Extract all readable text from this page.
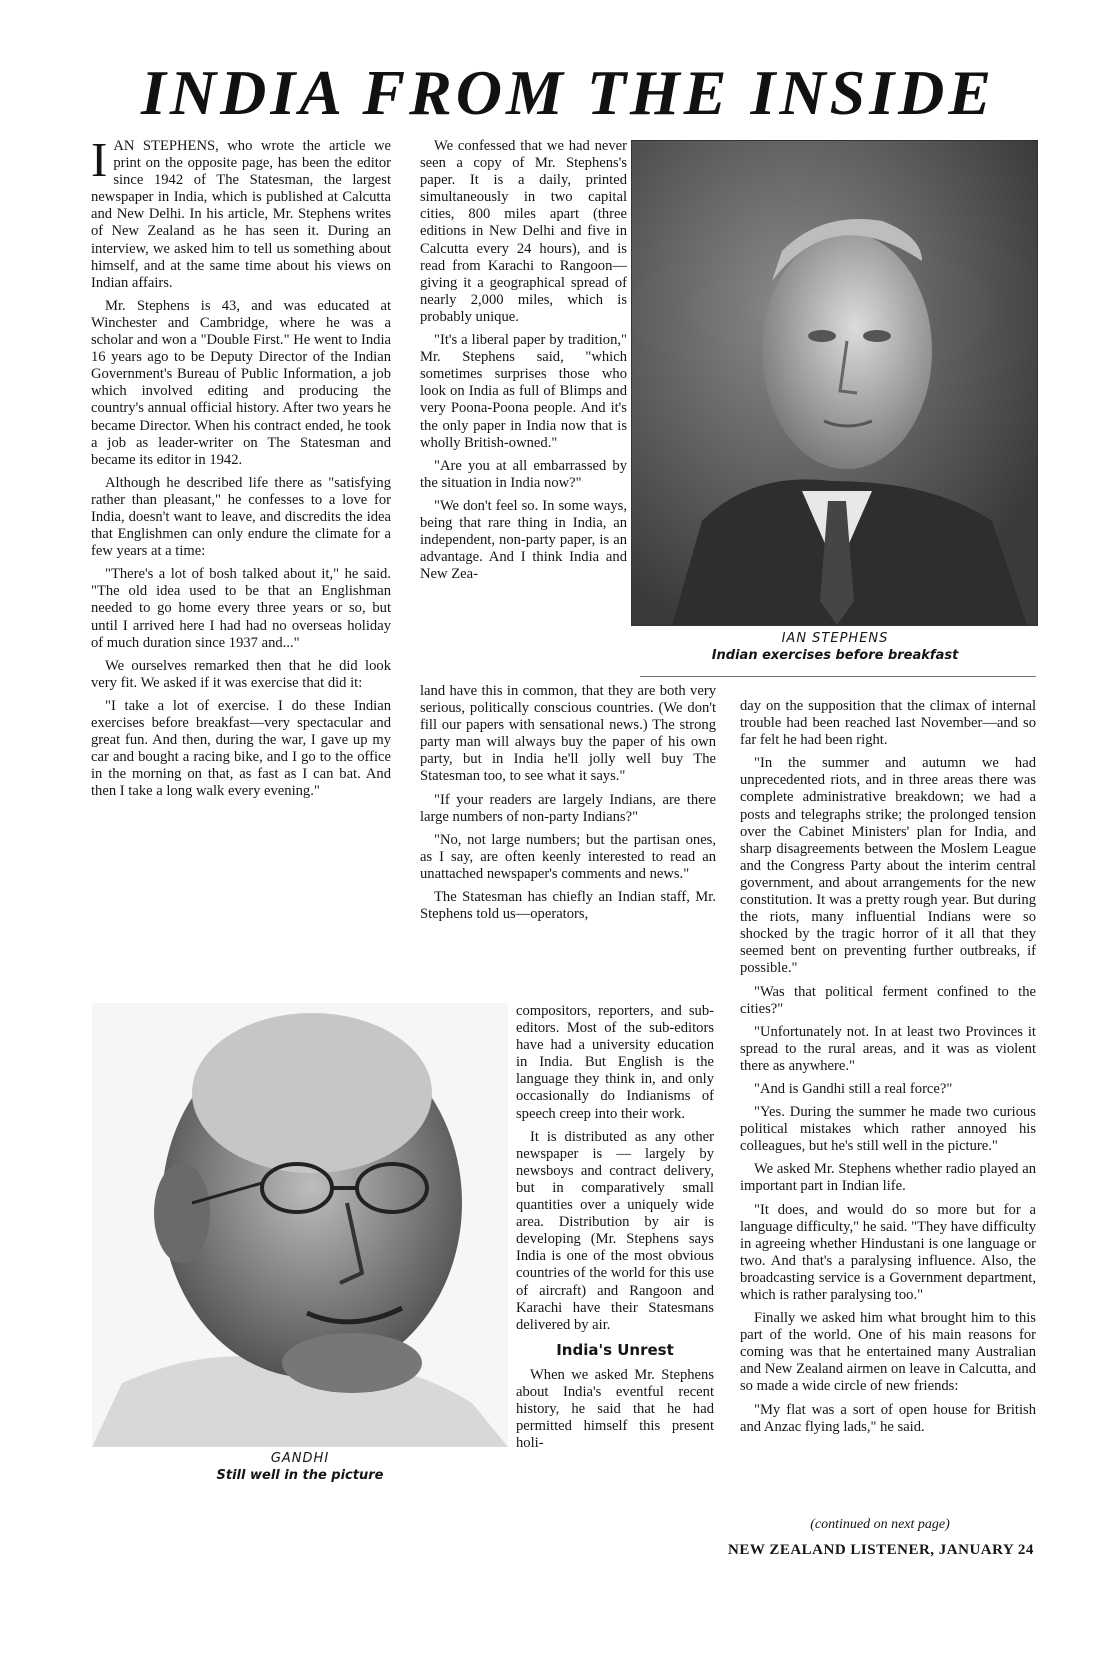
INDIA FROM THE INSIDE

IAN STEPHENS, who wrote the article we print on the opposite page, has been the editor since 1942 of The Statesman, the largest newspaper in India, which is published at Calcutta and New Delhi. In his article, Mr. Stephens writes of New Zealand as he has seen it. During an interview, we asked him to tell us something about himself, and at the same time about his views on Indian affairs.

Mr. Stephens is 43, and was educated at Winchester and Cambridge, where he was a scholar and won a "Double First." He went to India 16 years ago to be Deputy Director of the Indian Government's Bureau of Public Information, a job which involved editing and producing the country's annual official history. After two years he became Director. When his contract ended, he took a job as leader-writer on The Statesman and became its editor in 1942.

Although he described life there as "satisfying rather than pleasant," he confesses to a love for India, doesn't want to leave, and discredits the idea that Englishmen can only endure the climate for a few years at a time:

"There's a lot of bosh talked about it," he said. "The old idea used to be that an Englishman needed to go home every three years or so, but until I arrived here I had had no overseas holiday of much duration since 1937 and..."

We ourselves remarked then that he did look very fit. We asked if it was exercise that did it:

"I take a lot of exercise. I do these Indian exercises before breakfast—very spectacular and great fun. And then, during the war, I gave up my car and bought a racing bike, and I go to the office in the morning on that, as fast as I can bat. And then I take a long walk every evening."

We confessed that we had never seen a copy of Mr. Stephens's paper. It is a daily, printed simultaneously in two capital cities, 800 miles apart (three editions in New Delhi and five in Calcutta every 24 hours), and is read from Karachi to Rangoon—giving it a geographical spread of nearly 2,000 miles, which is probably unique.

"It's a liberal paper by tradition," Mr. Stephens said, "which sometimes surprises those who look on India as full of Blimps and very Poona-Poona people. And it's the only paper in India now that is wholly British-owned."

"Are you at all embarrassed by the situation in India now?"

"We don't feel so. In some ways, being that rare thing in India, an independent, non-party paper, is an advantage. And I think India and New Zea-

IAN STEPHENS
Indian exercises before breakfast

land have this in common, that they are both very serious, politically conscious countries. (We don't fill our papers with sensational news.) The strong party man will always buy the paper of his own party, but in India he'll jolly well buy The Statesman too, to see what it says."

"If your readers are largely Indians, are there large numbers of non-party Indians?"

"No, not large numbers; but the partisan ones, as I say, are often keenly interested to read an unattached newspaper's comments and news."

The Statesman has chiefly an Indian staff, Mr. Stephens told us—operators,

day on the supposition that the climax of internal trouble had been reached last November—and so far felt he had been right.

"In the summer and autumn we had unprecedented riots, and in three areas there was complete administrative breakdown; we had a posts and telegraphs strike; the prolonged tension over the Cabinet Ministers' plan for India, and sharp disagreements between the Moslem League and the Congress Party about the interim central government, and about arrangements for the new constitution. It was a pretty rough year. But during the riots, many influential Indians were so shocked by the tragic horror of it all that they seemed bent on preventing further outbreaks, if possible."

"Was that political ferment confined to the cities?"

"Unfortunately not. In at least two Provinces it spread to the rural areas, and it was as violent there as anywhere."

"And is Gandhi still a real force?"

"Yes. During the summer he made two curious political mistakes which rather annoyed his colleagues, but he's still well in the picture."

We asked Mr. Stephens whether radio played an important part in Indian life.

"It does, and would do so more but for a language difficulty," he said. "They have difficulty in agreeing whether Hindustani is one language or two. And that's a paralysing influence. Also, the broadcasting service is a Government department, which is rather paralysing too."

Finally we asked him what brought him to this part of the world. One of his main reasons for coming was that he entertained many Australian and New Zealand airmen on leave in Calcutta, and so made a wide circle of new friends:

"My flat was a sort of open house for British and Anzac flying lads," he said.

GANDHI
Still well in the picture

compositors, reporters, and sub-editors. Most of the sub-editors have had a university education in India. But English is the language they think in, and only occasionally do Indianisms of speech creep into their work.

It is distributed as any other newspaper is — largely by newsboys and contract delivery, but in comparatively small quantities over a uniquely wide area. Distribution by air is developing (Mr. Stephens says India is one of the most obvious countries of the world for this use of aircraft) and Rangoon and Karachi have their Statesmans delivered by air.

India's Unrest

When we asked Mr. Stephens about India's eventful recent history, he said that he had permitted himself this present holi-

(continued on next page)
NEW ZEALAND LISTENER, JANUARY 24
